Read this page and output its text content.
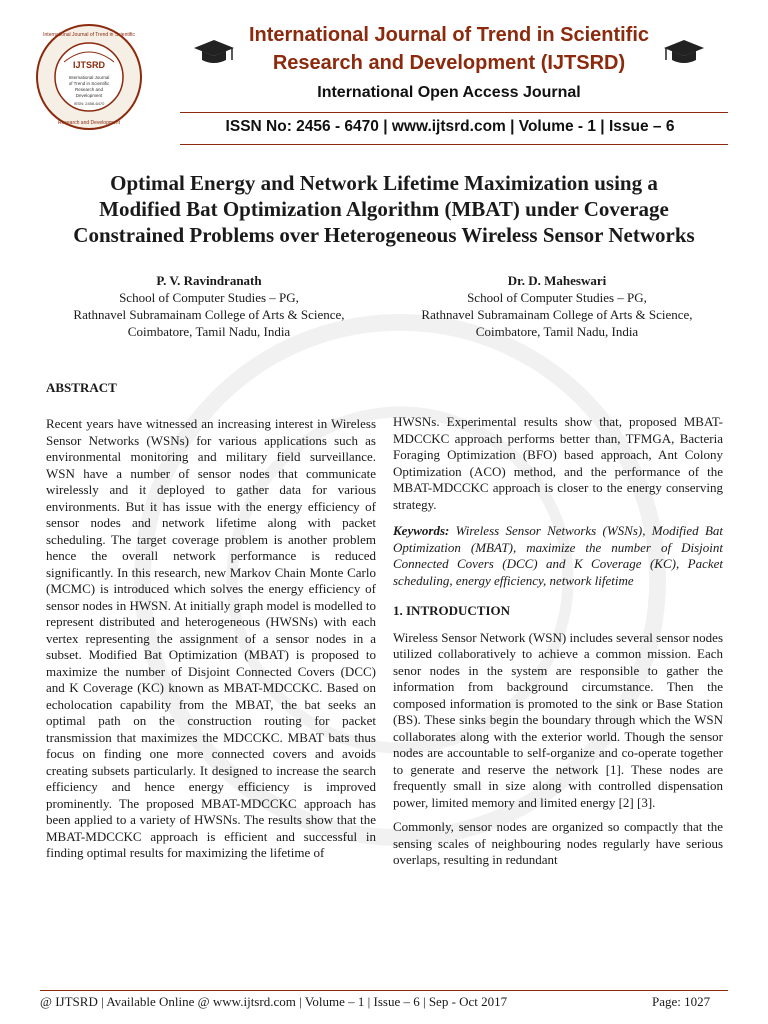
IJTSRD
International Journal
of Trend in Scientific
Research and
Development
ISSN: 2456-6470
International Journal of Trend in Scientific
Research and Development
International Journal of Trend in Scientific
Research and Development (IJTSRD)
International Open Access Journal
ISSN No: 2456 - 6470 | www.ijtsrd.com | Volume - 1 | Issue – 6
Optimal Energy and Network Lifetime Maximization using a
Modified Bat Optimization Algorithm (MBAT) under Coverage
Constrained Problems over Heterogeneous Wireless Sensor Networks
P. V. Ravindranath
School of Computer Studies – PG,
Rathnavel Subramainam College of Arts & Science,
Coimbatore, Tamil Nadu, India
Dr. D. Maheswari
School of Computer Studies – PG,
Rathnavel Subramainam College of Arts & Science,
Coimbatore, Tamil Nadu, India
ABSTRACT

Recent years have witnessed an increasing interest in Wireless Sensor Networks (WSNs) for various applications such as environmental monitoring and military field surveillance. WSN have a number of sensor nodes that communicate wirelessly and it deployed to gather data for various environments. But it has issue with the energy efficiency of sensor nodes and network lifetime along with packet scheduling. The target coverage problem is another problem hence the overall network performance is reduced significantly. In this research, new Markov Chain Monte Carlo (MCMC) is introduced which solves the energy efficiency of sensor nodes in HWSN. At initially graph model is modelled to represent distributed and heterogeneous (HWSNs) with each vertex representing the assignment of a sensor nodes in a subset. Modified Bat Optimization (MBAT) is proposed to maximize the number of Disjoint Connected Covers (DCC) and K Coverage (KC) known as MBAT-MDCCKC. Based on echolocation capability from the MBAT, the bat seeks an optimal path on the construction routing for packet transmission that maximizes the MDCCKC. MBAT bats thus focus on finding one more connected covers and avoids creating subsets particularly. It designed to increase the search efficiency and hence energy efficiency is improved prominently. The proposed MBAT-MDCCKC approach has been applied to a variety of HWSNs. The results show that the MBAT-MDCCKC approach is efficient and successful in finding optimal results for maximizing the lifetime of

HWSNs. Experimental results show that, proposed MBAT-MDCCKC approach performs better than, TFMGA, Bacteria Foraging Optimization (BFO) based approach, Ant Colony Optimization (ACO) method, and the performance of the MBAT-MDCCKC approach is closer to the energy conserving strategy.

Keywords: Wireless Sensor Networks (WSNs), Modified Bat Optimization (MBAT), maximize the number of Disjoint Connected Covers (DCC) and K Coverage (KC), Packet scheduling, energy efficiency, network lifetime

1. INTRODUCTION

Wireless Sensor Network (WSN) includes several sensor nodes utilized collaboratively to achieve a common mission. Each senor nodes in the system are responsible to gather the information from background circumstance. Then the composed information is promoted to the sink or Base Station (BS). These sinks begin the boundary through which the WSN collaborates along with the exterior world. Though the sensor nodes are accountable to self-organize and co-operate together to generate and reserve the network [1]. These nodes are frequently small in size along with controlled dispensation power, limited memory and limited energy [2] [3].

Commonly, sensor nodes are organized so compactly that the sensing scales of neighbouring nodes regularly have serious overlaps, resulting in redundant

@ IJTSRD | Available Online @ www.ijtsrd.com | Volume – 1 | Issue – 6 | Sep - Oct 2017	Page: 1027
